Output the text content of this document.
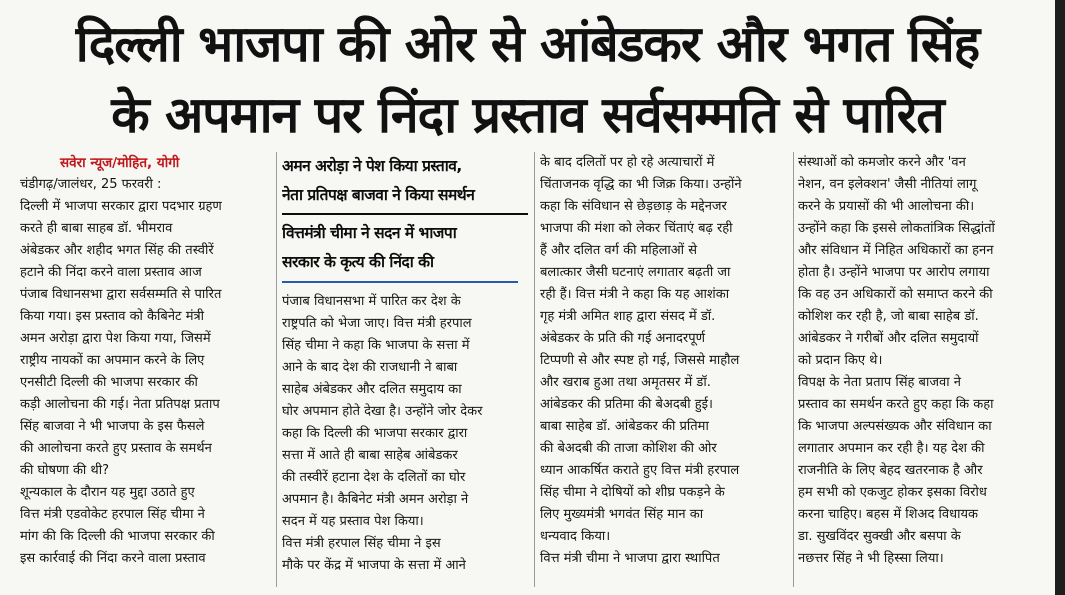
दिल्ली भाजपा की ओर से आंबेडकर और भगत सिंह
के अपमान पर निंदा प्रस्ताव सर्वसम्मति से पारित
सवेरा न्यूज/मोहित, योगी
चंडीगढ़/जालंधर, 25 फरवरी :
दिल्ली में भाजपा सरकार द्वारा पदभार ग्रहण
करते ही बाबा साहब डॉ. भीमराव
अंबेडकर और शहीद भगत सिंह की तस्वीरें
हटाने की निंदा करने वाला प्रस्ताव आज
पंजाब विधानसभा द्वारा सर्वसम्मति से पारित
किया गया। इस प्रस्ताव को कैबिनेट मंत्री
अमन अरोड़ा द्वारा पेश किया गया, जिसमें
राष्ट्रीय नायकों का अपमान करने के लिए
एनसीटी दिल्ली की भाजपा सरकार की
कड़ी आलोचना की गई। नेता प्रतिपक्ष प्रताप
सिंह बाजवा ने भी भाजपा के इस फैसले
की आलोचना करते हुए प्रस्ताव के समर्थन
की घोषणा की थी?
शून्यकाल के दौरान यह मुद्दा उठाते हुए
वित्त मंत्री एडवोकेट हरपाल सिंह चीमा ने
मांग की कि दिल्ली की भाजपा सरकार की
इस कार्रवाई की निंदा करने वाला प्रस्ताव
अमन अरोड़ा ने पेश किया प्रस्ताव,
नेता प्रतिपक्ष बाजवा ने किया समर्थन
वित्तमंत्री चीमा ने सदन में भाजपा
सरकार के कृत्य की निंदा की
पंजाब विधानसभा में पारित कर देश के
राष्ट्रपति को भेजा जाए। वित्त मंत्री हरपाल
सिंह चीमा ने कहा कि भाजपा के सत्ता में
आने के बाद देश की राजधानी ने बाबा
साहेब अंबेडकर और दलित समुदाय का
घोर अपमान होते देखा है। उन्होंने जोर देकर
कहा कि दिल्ली की भाजपा सरकार द्वारा
सत्ता में आते ही बाबा साहेब आंबेडकर
की तस्वीरें हटाना देश के दलितों का घोर
अपमान है। कैबिनेट मंत्री अमन अरोड़ा ने
सदन में यह प्रस्ताव पेश किया।
वित्त मंत्री हरपाल सिंह चीमा ने इस
मौके पर केंद्र में भाजपा के सत्ता में आने
के बाद दलितों पर हो रहे अत्याचारों में
चिंताजनक वृद्धि का भी जिक्र किया। उन्होंने
कहा कि संविधान से छेड़छाड़ के मद्देनजर
भाजपा की मंशा को लेकर चिंताएं बढ़ रही
हैं और दलित वर्ग की महिलाओं से
बलात्कार जैसी घटनाएं लगातार बढ़ती जा
रही हैं। वित्त मंत्री ने कहा कि यह आशंका
गृह मंत्री अमित शाह द्वारा संसद में डॉ.
अंबेडकर के प्रति की गई अनादरपूर्ण
टिप्पणी से और स्पष्ट हो गई, जिससे माहौल
और खराब हुआ तथा अमृतसर में डॉ.
आंबेडकर की प्रतिमा की बेअदबी हुई।
बाबा साहेब डॉ. आंबेडकर की प्रतिमा
की बेअदबी की ताजा कोशिश की ओर
ध्यान आकर्षित कराते हुए वित्त मंत्री हरपाल
सिंह चीमा ने दोषियों को शीघ्र पकड़ने के
लिए मुख्यमंत्री भगवंत सिंह मान का
धन्यवाद किया।
वित्त मंत्री चीमा ने भाजपा द्वारा स्थापित
संस्थाओं को कमजोर करने और 'वन
नेशन, वन इलेक्शन' जैसी नीतियां लागू
करने के प्रयासों की भी आलोचना की।
उन्होंने कहा कि इससे लोकतांत्रिक सिद्धांतों
और संविधान में निहित अधिकारों का हनन
होता है। उन्होंने भाजपा पर आरोप लगाया
कि वह उन अधिकारों को समाप्त करने की
कोशिश कर रही है, जो बाबा साहेब डॉ.
आंबेडकर ने गरीबों और दलित समुदायों
को प्रदान किए थे।
विपक्ष के नेता प्रताप सिंह बाजवा ने
प्रस्ताव का समर्थन करते हुए कहा कि कहा
कि भाजपा अल्पसंख्यक और संविधान का
लगातार अपमान कर रही है। यह देश की
राजनीति के लिए बेहद खतरनाक है और
हम सभी को एकजुट होकर इसका विरोध
करना चाहिए। बहस में शिअद विधायक
डा. सुखविंदर सुक्खी और बसपा के
नछत्तर सिंह ने भी हिस्सा लिया।
